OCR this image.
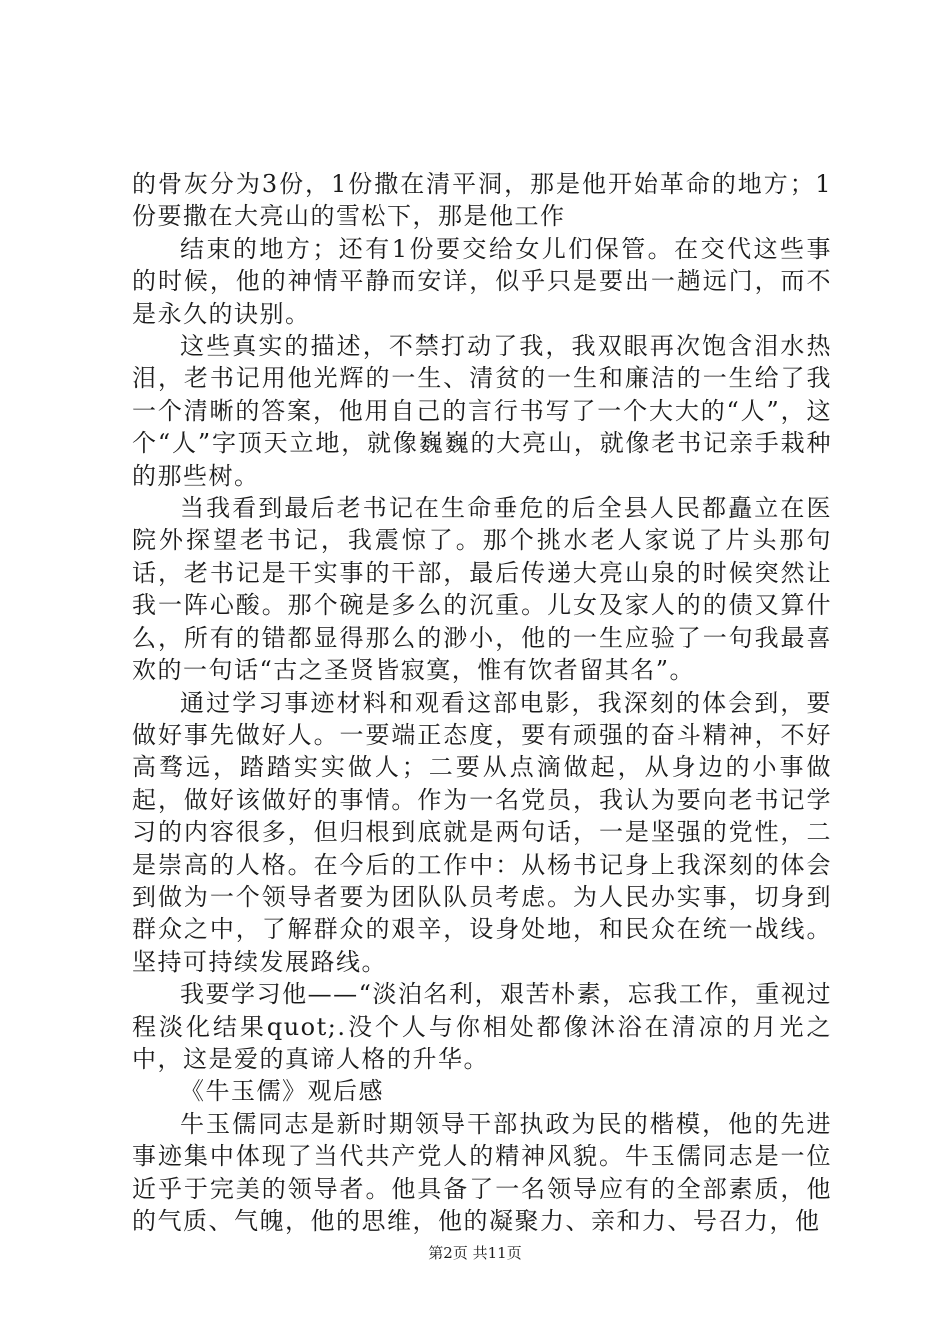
的骨灰分为3份，1份撒在清平洞，那是他开始革命的地方；1份要撒在大亮山的雪松下，那是他工作

结束的地方；还有1份要交给女儿们保管。在交代这些事的时候，他的神情平静而安详，似乎只是要出一趟远门，而不是永久的诀别。

这些真实的描述，不禁打动了我，我双眼再次饱含泪水热泪，老书记用他光辉的一生、清贫的一生和廉洁的一生给了我一个清晰的答案，他用自己的言行书写了一个大大的“人”，这个“人”字顶天立地，就像巍巍的大亮山，就像老书记亲手栽种的那些树。

当我看到最后老书记在生命垂危的后全县人民都矗立在医院外探望老书记，我震惊了。那个挑水老人家说了片头那句话，老书记是干实事的干部，最后传递大亮山泉的时候突然让我一阵心酸。那个碗是多么的沉重。儿女及家人的的债又算什么，所有的错都显得那么的渺小，他的一生应验了一句我最喜欢的一句话“古之圣贤皆寂寞，惟有饮者留其名”。

通过学习事迹材料和观看这部电影，我深刻的体会到，要做好事先做好人。一要端正态度，要有顽强的奋斗精神，不好高骛远，踏踏实实做人；二要从点滴做起，从身边的小事做起，做好该做好的事情。作为一名党员，我认为要向老书记学习的内容很多，但归根到底就是两句话，一是坚强的党性，二是崇高的人格。在今后的工作中：从杨书记身上我深刻的体会到做为一个领导者要为团队队员考虑。为人民办实事，切身到群众之中，了解群众的艰辛，设身处地，和民众在统一战线。坚持可持续发展路线。

我要学习他——“淡泊名利，艰苦朴素，忘我工作，重视过程淡化结果quot;.没个人与你相处都像沐浴在清凉的月光之中，这是爱的真谛人格的升华。

《牛玉儒》观后感

牛玉儒同志是新时期领导干部执政为民的楷模，他的先进事迹集中体现了当代共产党人的精神风貌。牛玉儒同志是一位近乎于完美的领导者。他具备了一名领导应有的全部素质，他的气质、气魄，他的思维，他的凝聚力、亲和力、号召力，他

第2页 共11页
